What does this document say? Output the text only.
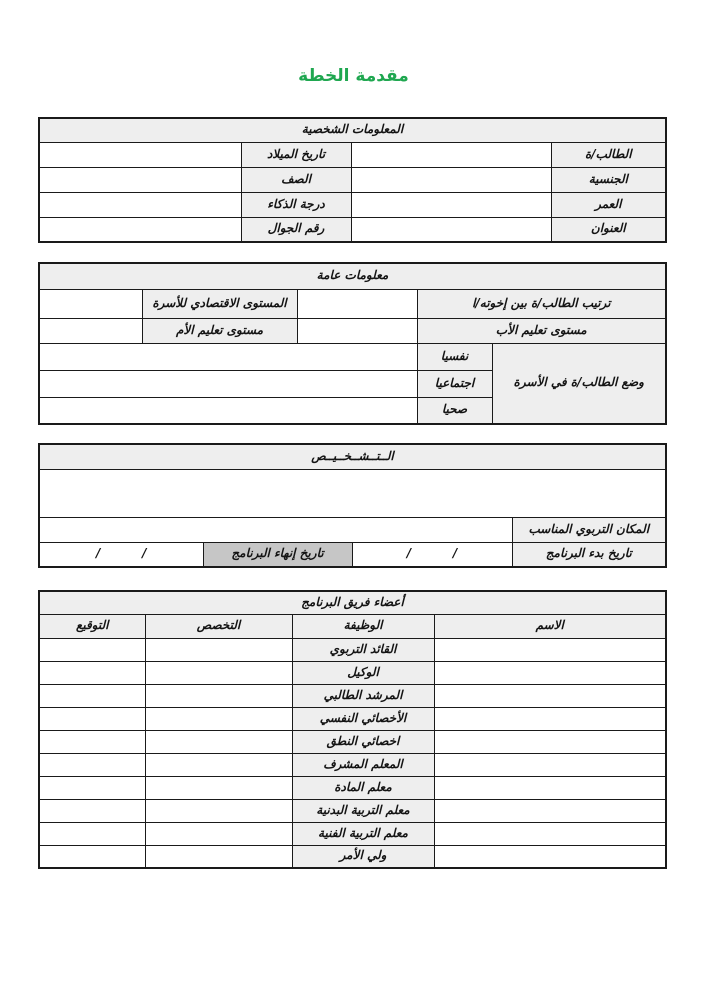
مقدمة الخطة
المعلومات الشخصية			
الطالب/ة		تاريخ الميلاد	
الجنسية		الصف	
العمر		درجة الذكاء	
العنوان		رقم الجوال	
معلومات عامة				
ترتيب الطالب/ة بين إخوته/ا			المستوى الاقتصادي للأسرة	
مستوى تعليم الأب			مستوى تعليم الأم	
وضع الطالب/ة في الأسرة	نفسيا			
	اجتماعيا			
	صحيا			
الــتــشــخــيــص			

المكان التربوي المناسب			
تاريخ بدء البرنامج	/          /	تاريخ إنهاء البرنامج	/          /
أعضاء فريق البرنامج			
الاسم	الوظيفة	التخصص	التوقيع
	القائد التربوي		
	الوكيل		
	المرشد الطالبي		
	الأخصائي النفسي		
	اخصائي النطق		
	المعلم المشرف		
	معلم المادة		
	معلم التربية البدنية		
	معلم التربية الفنية		
	ولي الأمر		
